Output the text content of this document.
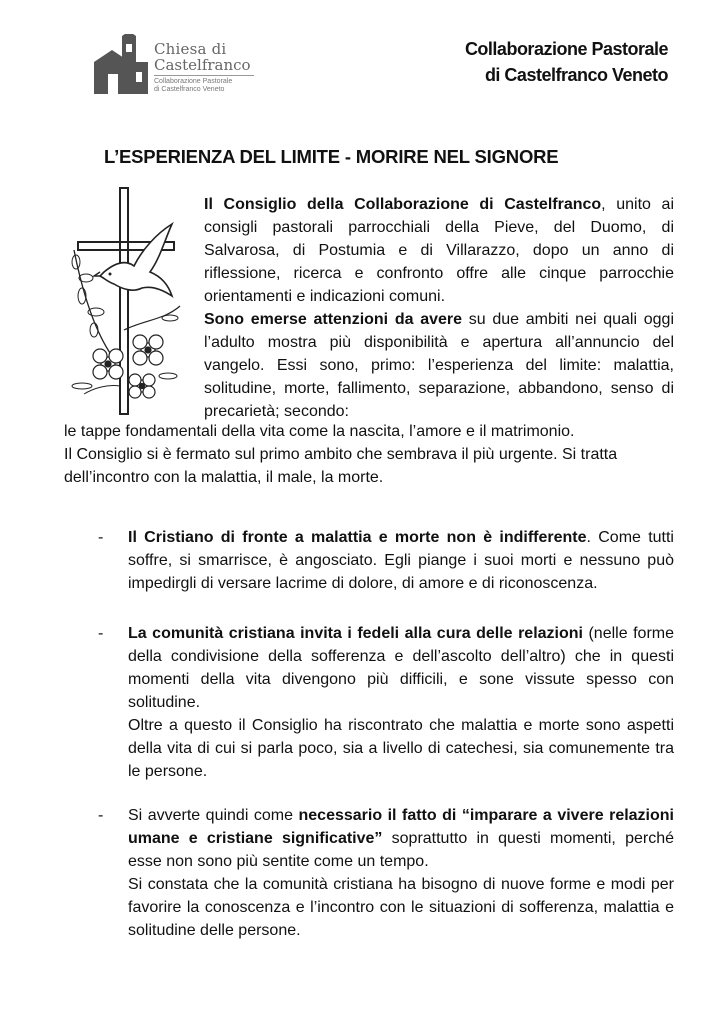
Chiesa di
Castelfranco
Collaborazione Pastorale
di Castelfranco Veneto
Collaborazione Pastorale
di Castelfranco Veneto
L’ESPERIENZA DEL LIMITE - MORIRE NEL SIGNORE

Il Consiglio della Collaborazione di Castelfranco, unito ai consigli pastorali parrocchiali della Pieve, del Duomo, di Salvarosa, di Postumia e di Villarazzo, dopo un anno di riflessione, ricerca e confronto offre alle cinque parrocchie orientamenti e indicazioni comuni.

Sono emerse attenzioni da avere su due ambiti nei quali oggi l’adulto mostra più disponibilità e apertura all’annuncio del vangelo. Essi sono, primo: l’esperienza del limite: malattia, solitudine, morte, fallimento, separazione, abbandono, senso di precarietà; secondo:

le tappe fondamentali della vita come la nascita, l’amore e il matrimonio.

Il Consiglio si è fermato sul primo ambito che sembrava il più urgente. Si tratta dell’incontro con la malattia, il male, la morte.

- Il Cristiano di fronte a malattia e morte non è indifferente. Come tutti soffre, si smarrisce, è angosciato. Egli piange i suoi morti e nessuno può impedirgli di versare lacrime di dolore, di amore e di riconoscenza.

- La comunità cristiana invita i fedeli alla cura delle relazioni (nelle forme della condivisione della sofferenza e dell’ascolto dell’altro) che in questi momenti della vita divengono più difficili, e sone vissute spesso con solitudine.

Oltre a questo il Consiglio ha riscontrato che malattia e morte sono aspetti della vita di cui si parla poco, sia a livello di catechesi, sia comunemente tra le persone.

- Si avverte quindi come necessario il fatto di “imparare a vivere relazioni umane e cristiane significative” soprattutto in questi momenti, perché esse non sono più sentite come un tempo.

Si constata che la comunità cristiana ha bisogno di nuove forme e modi per favorire la conoscenza e l’incontro con le situazioni di sofferenza, malattia e solitudine delle persone.
